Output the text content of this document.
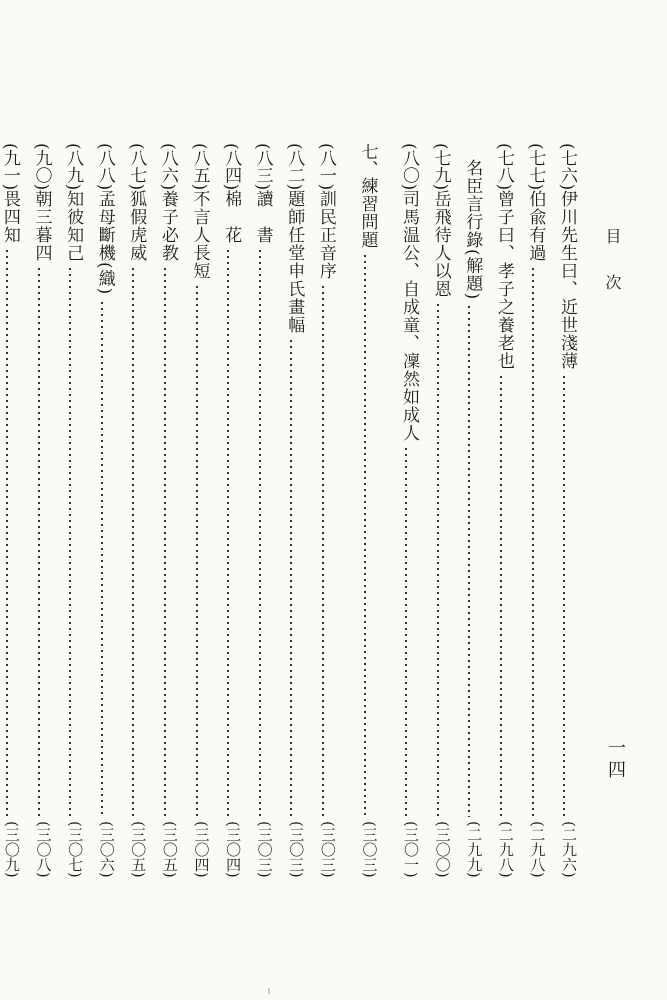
目次
(七六)
伊川先生曰、近世淺薄
(二九六)
(七七)
伯兪有過
(二九八)
(七八)
曾子曰、孝子之養老也
(二九八)
名臣言行錄(解題)
(二九九)
(七九)
岳飛待人以恩
(三〇〇)
(八〇)
司馬温公、自成童、凜然如成人
(三〇一)
七、
練習問題
(三〇三)
(八一)
訓民正音序
(三〇三)
(八二)
題師任堂申氏畫幅
(三〇三)
(八三)
讀　書
(三〇三)
(八四)
棉　花
(三〇四)
(八五)
不言人長短
(三〇四)
(八六)
養子必教
(三〇五)
(八七)
狐假虎威
(三〇五)
(八八)
孟母斷機(織)
(三〇六)
(八九)
知彼知己
(三〇七)
(九〇)
朝三暮四
(三〇八)
(九一)
畏四知
(三〇九)
一四
